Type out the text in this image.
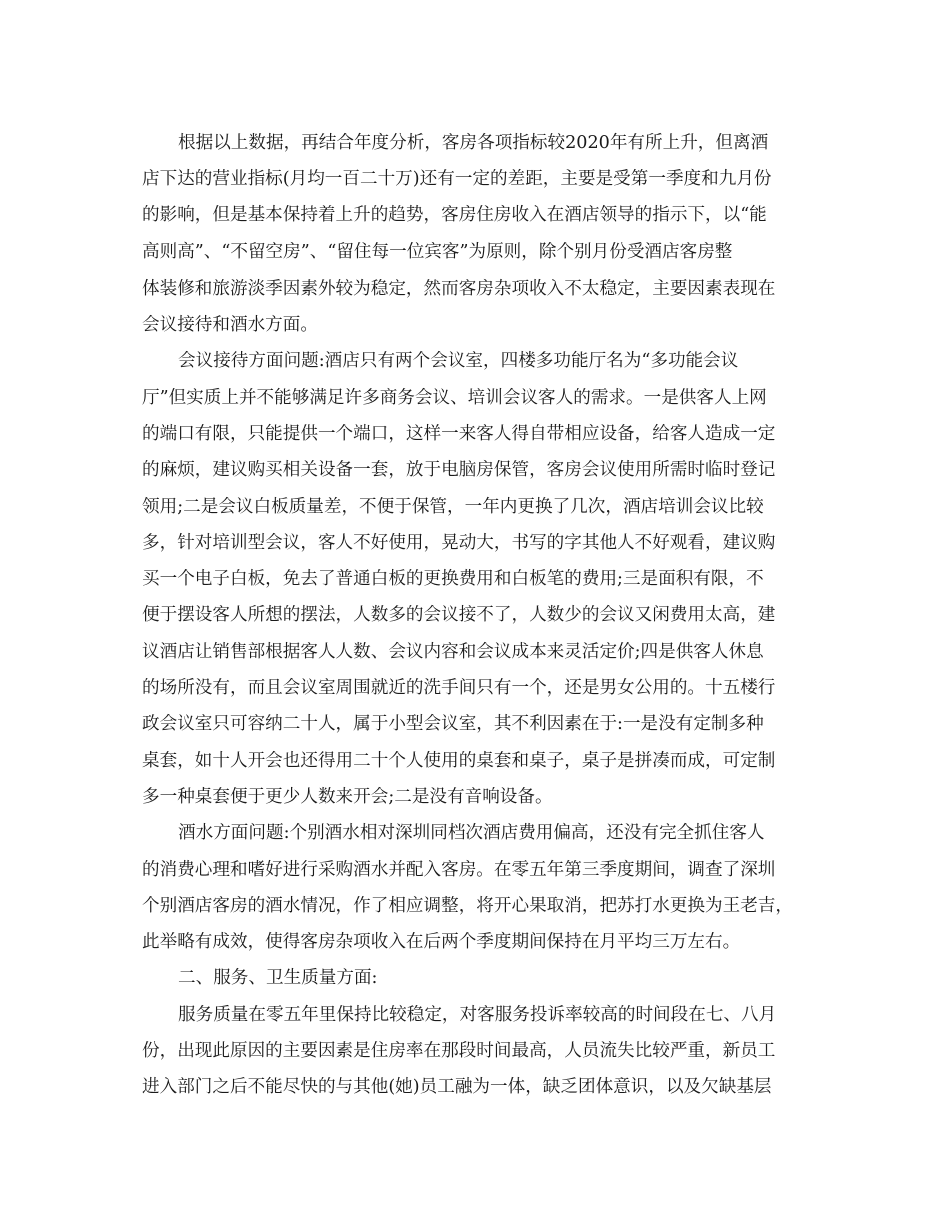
根据以上数据，再结合年度分析，客房各项指标较2020年有所上升，但离酒
店下达的营业指标(月均一百二十万)还有一定的差距，主要是受第一季度和九月份
的影响，但是基本保持着上升的趋势，客房住房收入在酒店领导的指示下，以“能
高则高”、“不留空房”、“留住每一位宾客”为原则，除个别月份受酒店客房整
体装修和旅游淡季因素外较为稳定，然而客房杂项收入不太稳定，主要因素表现在
会议接待和酒水方面。
会议接待方面问题:酒店只有两个会议室，四楼多功能厅名为“多功能会议
厅”但实质上并不能够满足许多商务会议、培训会议客人的需求。一是供客人上网
的端口有限，只能提供一个端口，这样一来客人得自带相应设备，给客人造成一定
的麻烦，建议购买相关设备一套，放于电脑房保管，客房会议使用所需时临时登记
领用;二是会议白板质量差，不便于保管，一年内更换了几次，酒店培训会议比较
多，针对培训型会议，客人不好使用，晃动大，书写的字其他人不好观看，建议购
买一个电子白板，免去了普通白板的更换费用和白板笔的费用;三是面积有限，不
便于摆设客人所想的摆法，人数多的会议接不了，人数少的会议又闲费用太高，建
议酒店让销售部根据客人人数、会议内容和会议成本来灵活定价;四是供客人休息
的场所没有，而且会议室周围就近的洗手间只有一个，还是男女公用的。十五楼行
政会议室只可容纳二十人，属于小型会议室，其不利因素在于:一是没有定制多种
桌套，如十人开会也还得用二十个人使用的桌套和桌子，桌子是拼凑而成，可定制
多一种桌套便于更少人数来开会;二是没有音响设备。
酒水方面问题:个别酒水相对深圳同档次酒店费用偏高，还没有完全抓住客人
的消费心理和嗜好进行采购酒水并配入客房。在零五年第三季度期间，调查了深圳
个别酒店客房的酒水情况，作了相应调整，将开心果取消，把苏打水更换为王老吉，
此举略有成效，使得客房杂项收入在后两个季度期间保持在月平均三万左右。
二、服务、卫生质量方面:
服务质量在零五年里保持比较稳定，对客服务投诉率较高的时间段在七、八月
份，出现此原因的主要因素是住房率在那段时间最高，人员流失比较严重，新员工
进入部门之后不能尽快的与其他(她)员工融为一体，缺乏团体意识，以及欠缺基层
